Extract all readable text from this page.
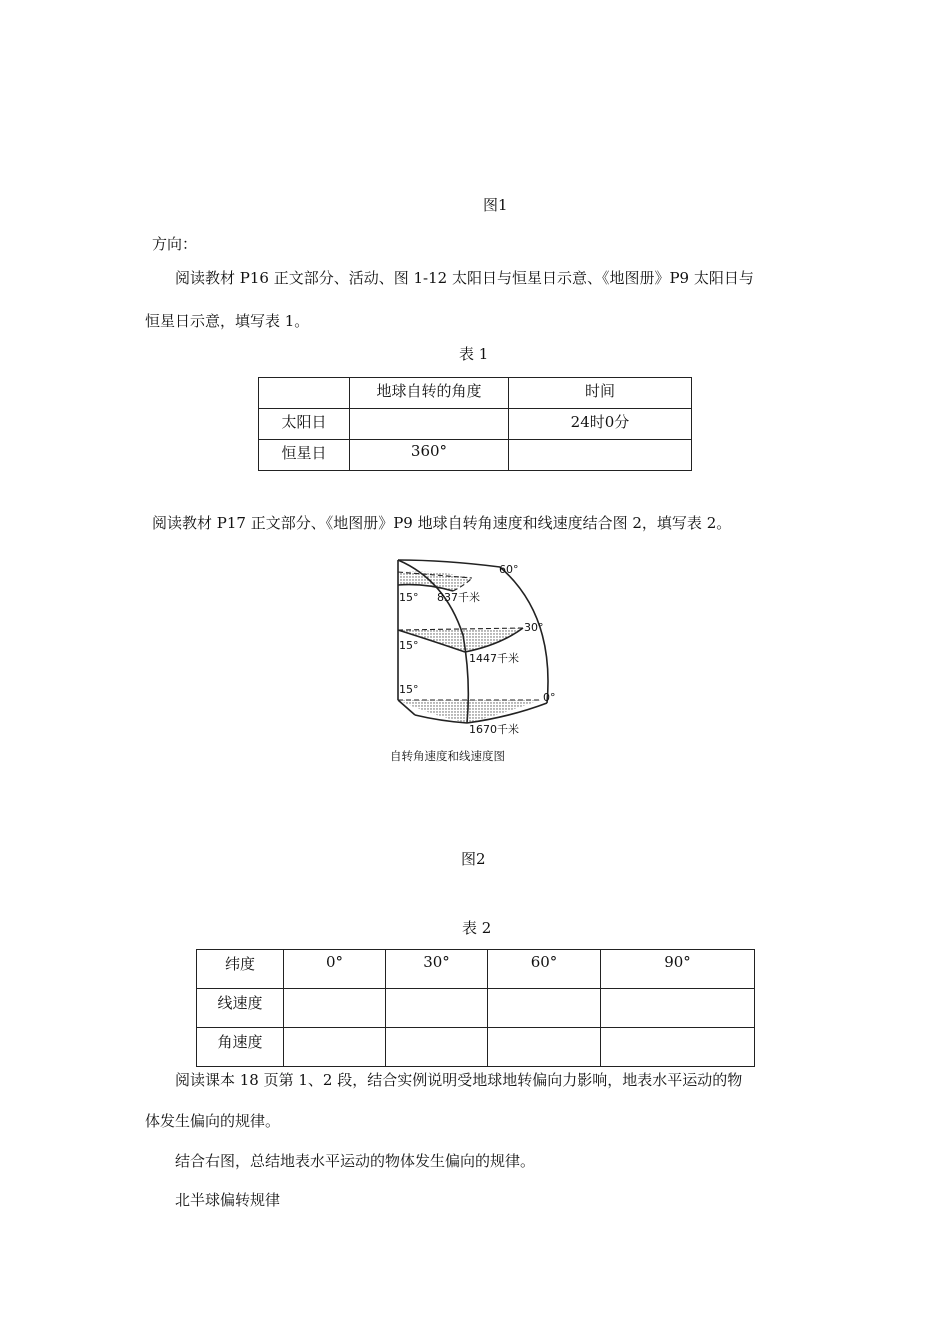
图1
方向：
阅读教材 P16 正文部分、活动、图 1-12 太阳日与恒星日示意、《地图册》P9 太阳日与
恒星日示意，填写表 1。
表 1
	地球自转的角度	时间
太阳日		24时0分
恒星日	360°	
阅读教材 P17 正文部分、《地图册》P9 地球自转角速度和线速度结合图 2，填写表 2。
60°
30°
0°
15°
15°
15°
837千米
1447千米
1670千米
自转角速度和线速度图
图2
表 2
纬度	0°	30°	60°	90°
线速度				
角速度				
阅读课本 18 页第 1、2 段，结合实例说明受地球地转偏向力影响，地表水平运动的物
体发生偏向的规律。
结合右图，总结地表水平运动的物体发生偏向的规律。
北半球偏转规律
